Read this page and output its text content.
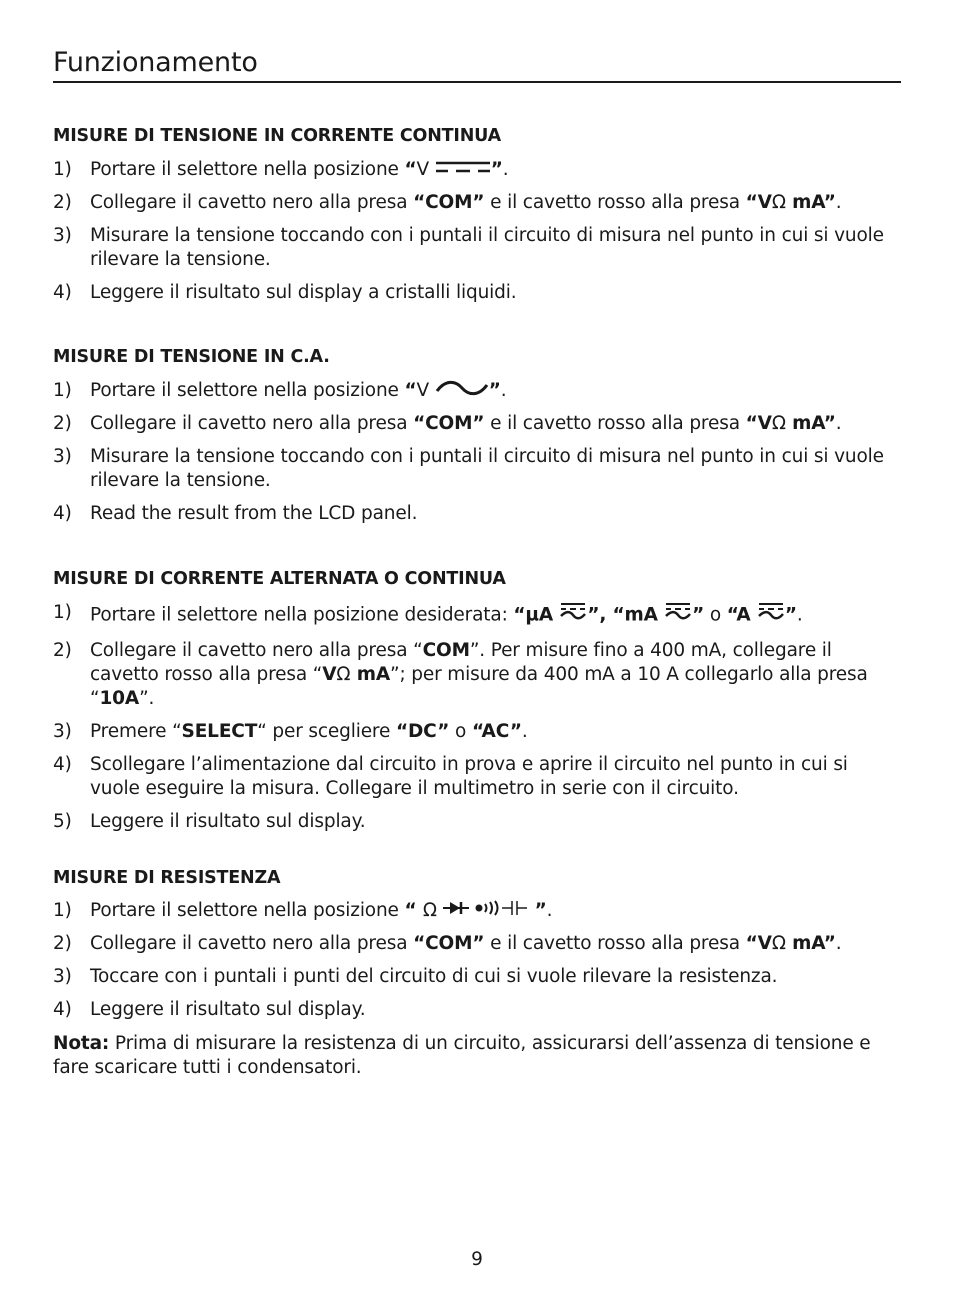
Funzionamento
MISURE DI TENSIONE IN CORRENTE CONTINUA
1) Portare il selettore nella posizione “V	”.
2) Collegare il cavetto nero alla presa “COM” e il cavetto rosso alla presa “VΩ mA”.
3) Misurare la tensione toccando con i puntali il circuito di misura nel punto in cui si vuole rilevare la tensione.
4) Leggere il risultato sul display a cristalli liquidi.
MISURE DI TENSIONE IN C.A.
1) Portare il selettore nella posizione “V	”.
2) Collegare il cavetto nero alla presa “COM” e il cavetto rosso alla presa “VΩ mA”.
3) Misurare la tensione toccando con i puntali il circuito di misura nel punto in cui si vuole rilevare la tensione.
4) Read the result from the LCD panel.
MISURE DI CORRENTE ALTERNATA O CONTINUA
1) Portare il selettore nella posizione desiderata: “µA ”, “mA ” o “A ”.
2) Collegare il cavetto nero alla presa “COM”. Per misure fino a 400 mA, collegare il cavetto rosso alla presa “VΩ mA”; per misure da 400 mA a 10 A collegarlo alla presa “10A”.
3) Premere “SELECT“ per scegliere “DC” o “AC”.
4) Scollegare l’alimentazione dal circuito in prova e aprire il circuito nel punto in cui si vuole eseguire la misura. Collegare il multimetro in serie con il circuito.
5) Leggere il risultato sul display.
MISURE DI RESISTENZA
1) Portare il selettore nella posizione “ Ω	”.
2) Collegare il cavetto nero alla presa “COM” e il cavetto rosso alla presa “VΩ mA”.
3) Toccare con i puntali i punti del circuito di cui si vuole rilevare la resistenza.
4) Leggere il risultato sul display.
Nota: Prima di misurare la resistenza di un circuito, assicurarsi dell’assenza di tensione e fare scaricare tutti i condensatori.
9
